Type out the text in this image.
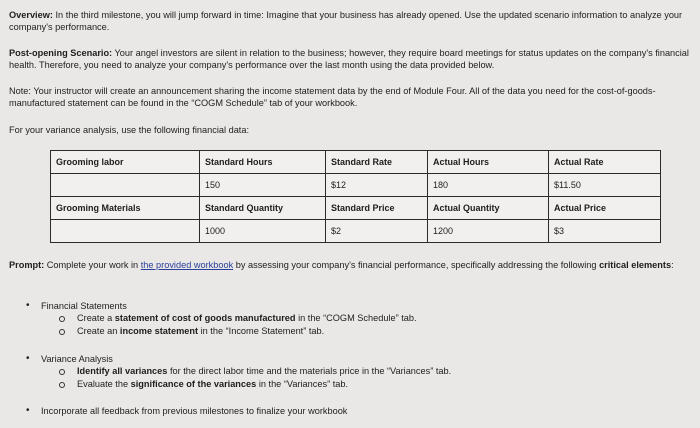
Overview: In the third milestone, you will jump forward in time: Imagine that your business has already opened. Use the updated scenario information to analyze your company's performance.

Post-opening Scenario: Your angel investors are silent in relation to the business; however, they require board meetings for status updates on the company's financial health. Therefore, you need to analyze your company's performance over the last month using the data provided below.

Note: Your instructor will create an announcement sharing the income statement data by the end of Module Four. All of the data you need for the cost-of-goods-manufactured statement can be found in the “COGM Schedule” tab of your workbook.

For your variance analysis, use the following financial data:

Grooming labor	Standard Hours	Standard Rate	Actual Hours	Actual Rate
	150	$12	180	$11.50
Grooming Materials	Standard Quantity	Standard Price	Actual Quantity	Actual Price
	1000	$2	1200	$3

Prompt: Complete your work in the provided workbook by assessing your company's financial performance, specifically addressing the following critical elements:

• Financial Statements
Create a statement of cost of goods manufactured in the “COGM Schedule” tab.
Create an income statement in the “Income Statement” tab.
• Variance Analysis
Identify all variances for the direct labor time and the materials price in the “Variances” tab.
Evaluate the significance of the variances in the “Variances” tab.
• Incorporate all feedback from previous milestones to finalize your workbook
